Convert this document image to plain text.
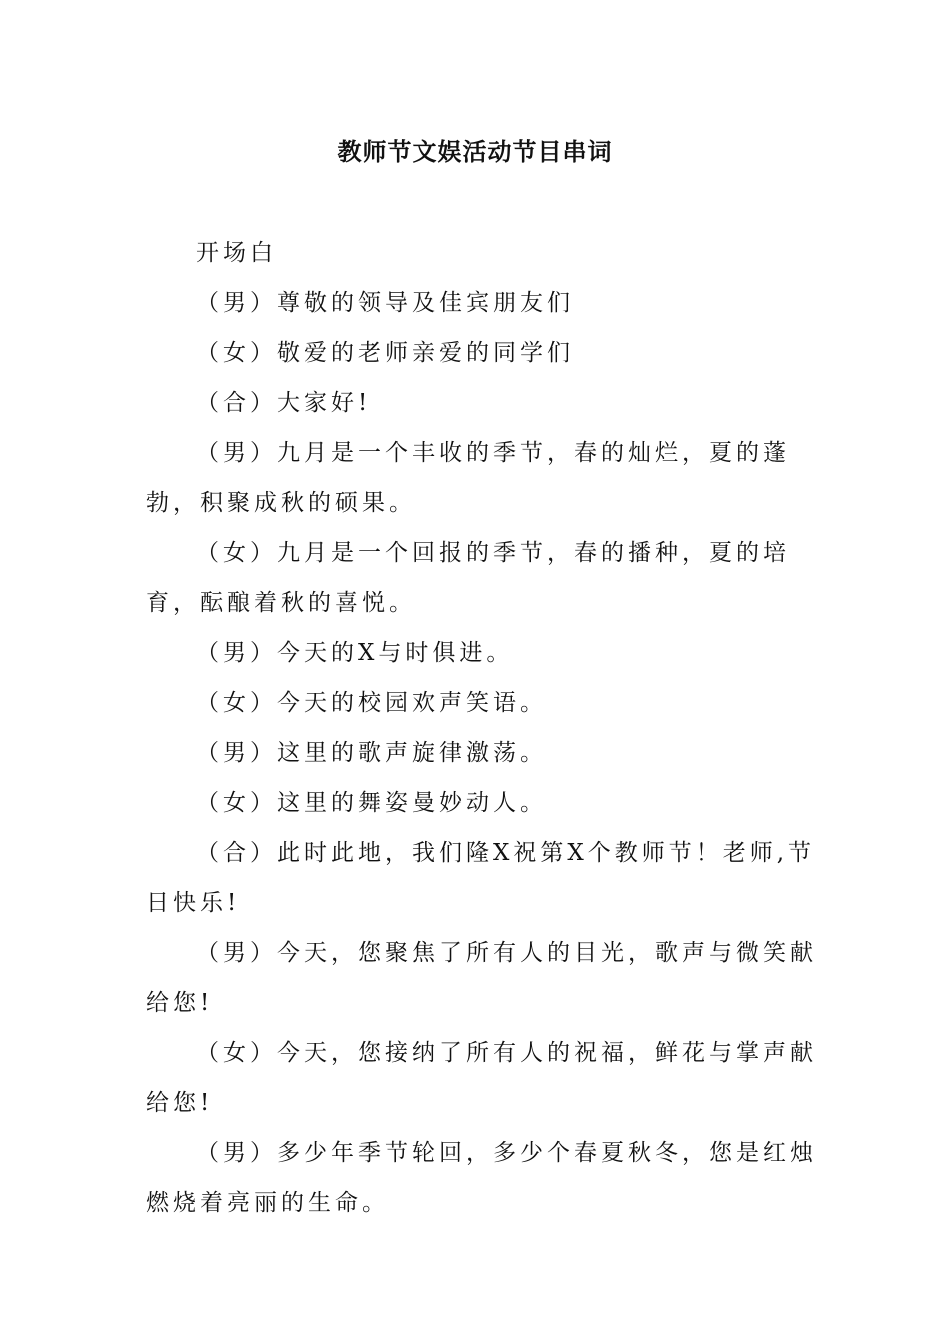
教师节文娱活动节目串词

开场白

（男）尊敬的领导及佳宾朋友们

（女）敬爱的老师亲爱的同学们

（合）大家好!

（男）九月是一个丰收的季节，春的灿烂，夏的蓬勃，积聚成秋的硕果。

（女）九月是一个回报的季节，春的播种，夏的培育，酝酿着秋的喜悦。

（男）今天的X与时俱进。

（女）今天的校园欢声笑语。

（男）这里的歌声旋律激荡。

（女）这里的舞姿曼妙动人。

（合）此时此地，我们隆X祝第X个教师节！老师,节日快乐!

（男）今天，您聚焦了所有人的目光，歌声与微笑献给您!

（女）今天，您接纳了所有人的祝福，鲜花与掌声献给您!

（男）多少年季节轮回，多少个春夏秋冬，您是红烛燃烧着亮丽的生命。
